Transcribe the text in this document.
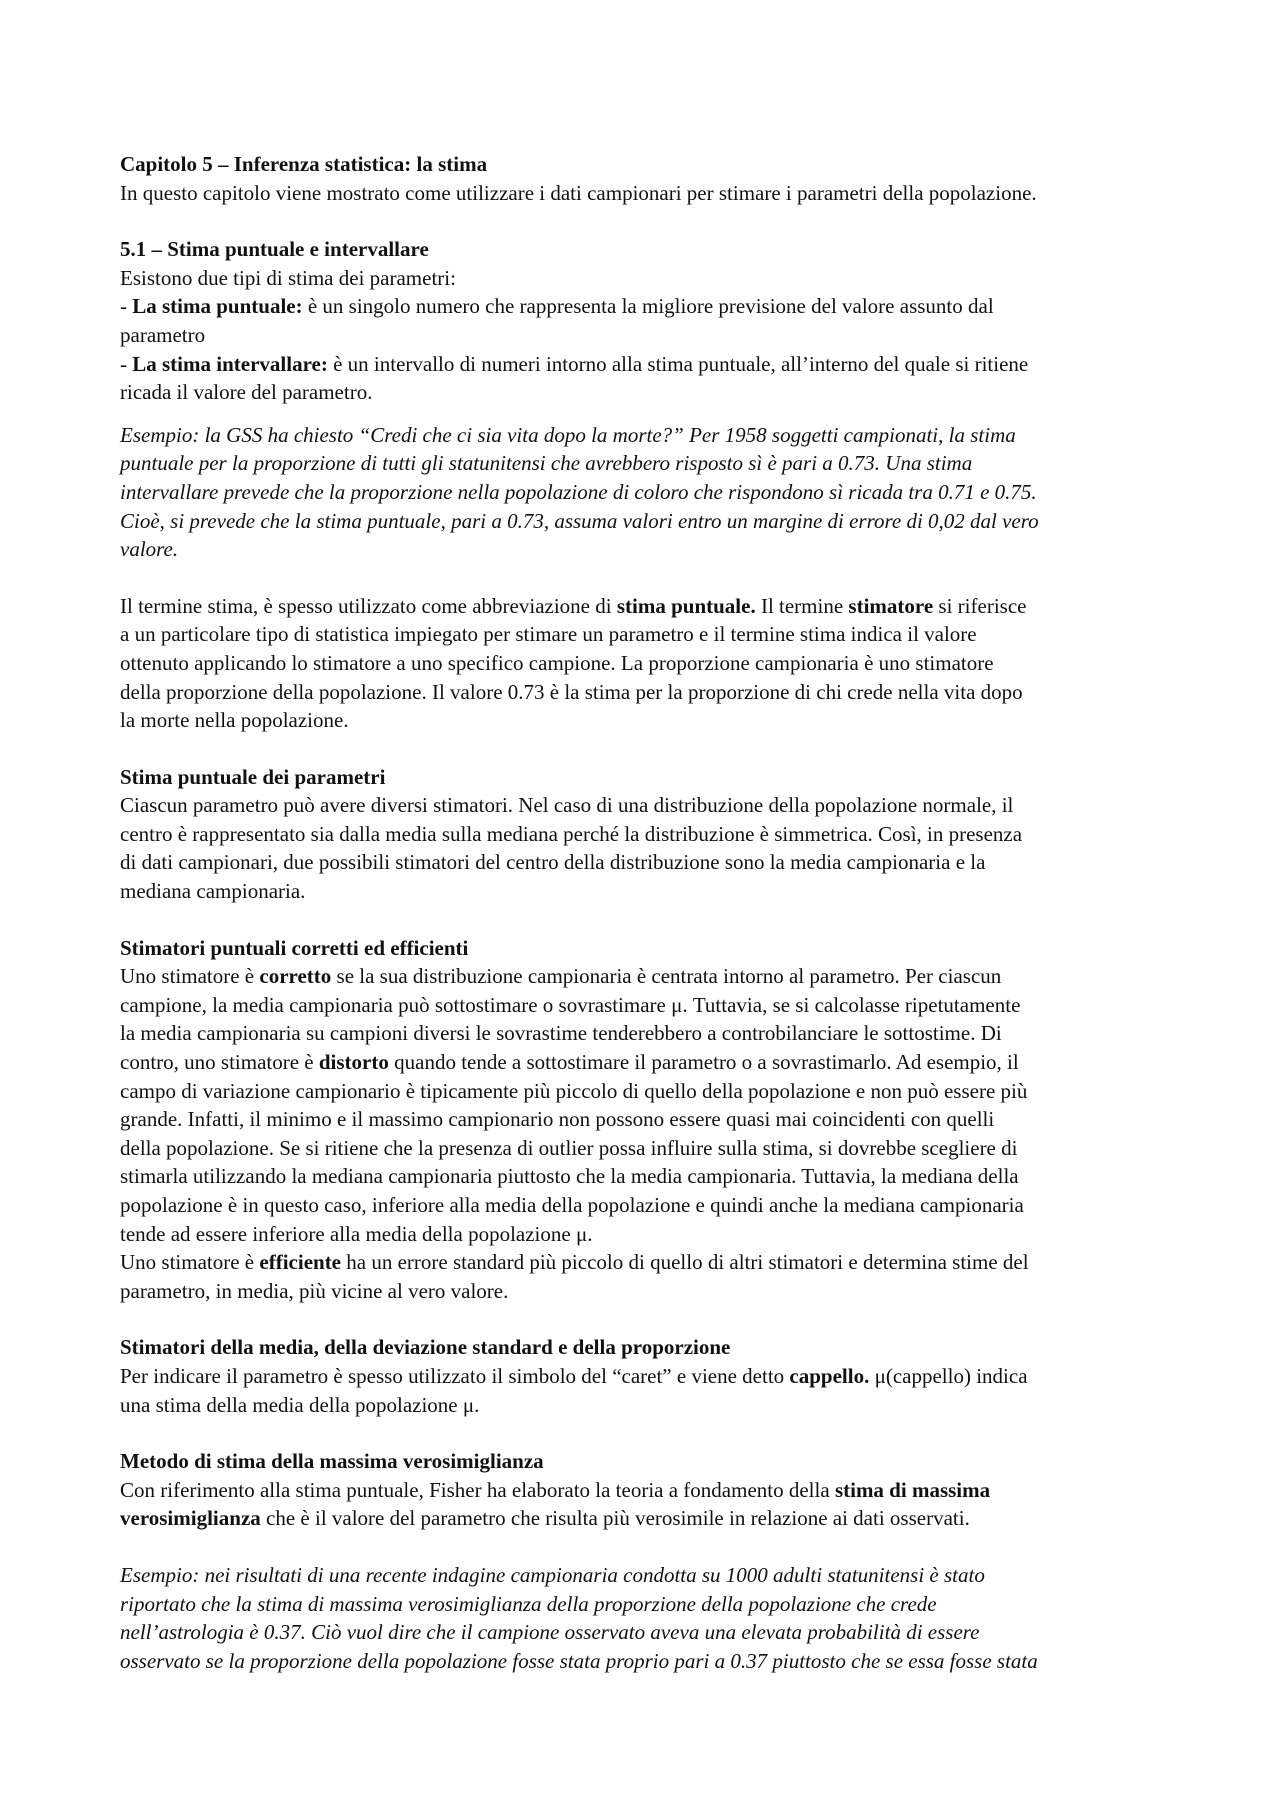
Capitolo 5 – Inferenza statistica: la stima
In questo capitolo viene mostrato come utilizzare i dati campionari per stimare i parametri della popolazione.
5.1 – Stima puntuale e intervallare
Esistono due tipi di stima dei parametri:
- La stima puntuale: è un singolo numero che rappresenta la migliore previsione del valore assunto dal
parametro
- La stima intervallare: è un intervallo di numeri intorno alla stima puntuale, all’interno del quale si ritiene
ricada il valore del parametro.
Esempio: la GSS ha chiesto “Credi che ci sia vita dopo la morte?” Per 1958 soggetti campionati, la stima
puntuale per la proporzione di tutti gli statunitensi che avrebbero risposto sì è pari a 0.73. Una stima
intervallare prevede che la proporzione nella popolazione di coloro che rispondono sì ricada tra 0.71 e 0.75.
Cioè, si prevede che la stima puntuale, pari a 0.73, assuma valori entro un margine di errore di 0,02 dal vero
valore.
Il termine stima, è spesso utilizzato come abbreviazione di stima puntuale. Il termine stimatore si riferisce
a un particolare tipo di statistica impiegato per stimare un parametro e il termine stima indica il valore
ottenuto applicando lo stimatore a uno specifico campione. La proporzione campionaria è uno stimatore
della proporzione della popolazione. Il valore 0.73 è la stima per la proporzione di chi crede nella vita dopo
la morte nella popolazione.
Stima puntuale dei parametri
Ciascun parametro può avere diversi stimatori. Nel caso di una distribuzione della popolazione normale, il
centro è rappresentato sia dalla media sulla mediana perché la distribuzione è simmetrica. Così, in presenza
di dati campionari, due possibili stimatori del centro della distribuzione sono la media campionaria e la
mediana campionaria.
Stimatori puntuali corretti ed efficienti
Uno stimatore è corretto se la sua distribuzione campionaria è centrata intorno al parametro. Per ciascun
campione, la media campionaria può sottostimare o sovrastimare μ. Tuttavia, se si calcolasse ripetutamente
la media campionaria su campioni diversi le sovrastime tenderebbero a controbilanciare le sottostime. Di
contro, uno stimatore è distorto quando tende a sottostimare il parametro o a sovrastimarlo. Ad esempio, il
campo di variazione campionario è tipicamente più piccolo di quello della popolazione e non può essere più
grande. Infatti, il minimo e il massimo campionario non possono essere quasi mai coincidenti con quelli
della popolazione. Se si ritiene che la presenza di outlier possa influire sulla stima, si dovrebbe scegliere di
stimarla utilizzando la mediana campionaria piuttosto che la media campionaria. Tuttavia, la mediana della
popolazione è in questo caso, inferiore alla media della popolazione e quindi anche la mediana campionaria
tende ad essere inferiore alla media della popolazione μ.
Uno stimatore è efficiente ha un errore standard più piccolo di quello di altri stimatori e determina stime del
parametro, in media, più vicine al vero valore.
Stimatori della media, della deviazione standard e della proporzione
Per indicare il parametro è spesso utilizzato il simbolo del “caret” e viene detto cappello. μ(cappello) indica
una stima della media della popolazione μ.
Metodo di stima della massima verosimiglianza
Con riferimento alla stima puntuale, Fisher ha elaborato la teoria a fondamento della stima di massima
verosimiglianza che è il valore del parametro che risulta più verosimile in relazione ai dati osservati.
Esempio: nei risultati di una recente indagine campionaria condotta su 1000 adulti statunitensi è stato
riportato che la stima di massima verosimiglianza della proporzione della popolazione che crede
nell’astrologia è 0.37. Ciò vuol dire che il campione osservato aveva una elevata probabilità di essere
osservato se la proporzione della popolazione fosse stata proprio pari a 0.37 piuttosto che se essa fosse stata
